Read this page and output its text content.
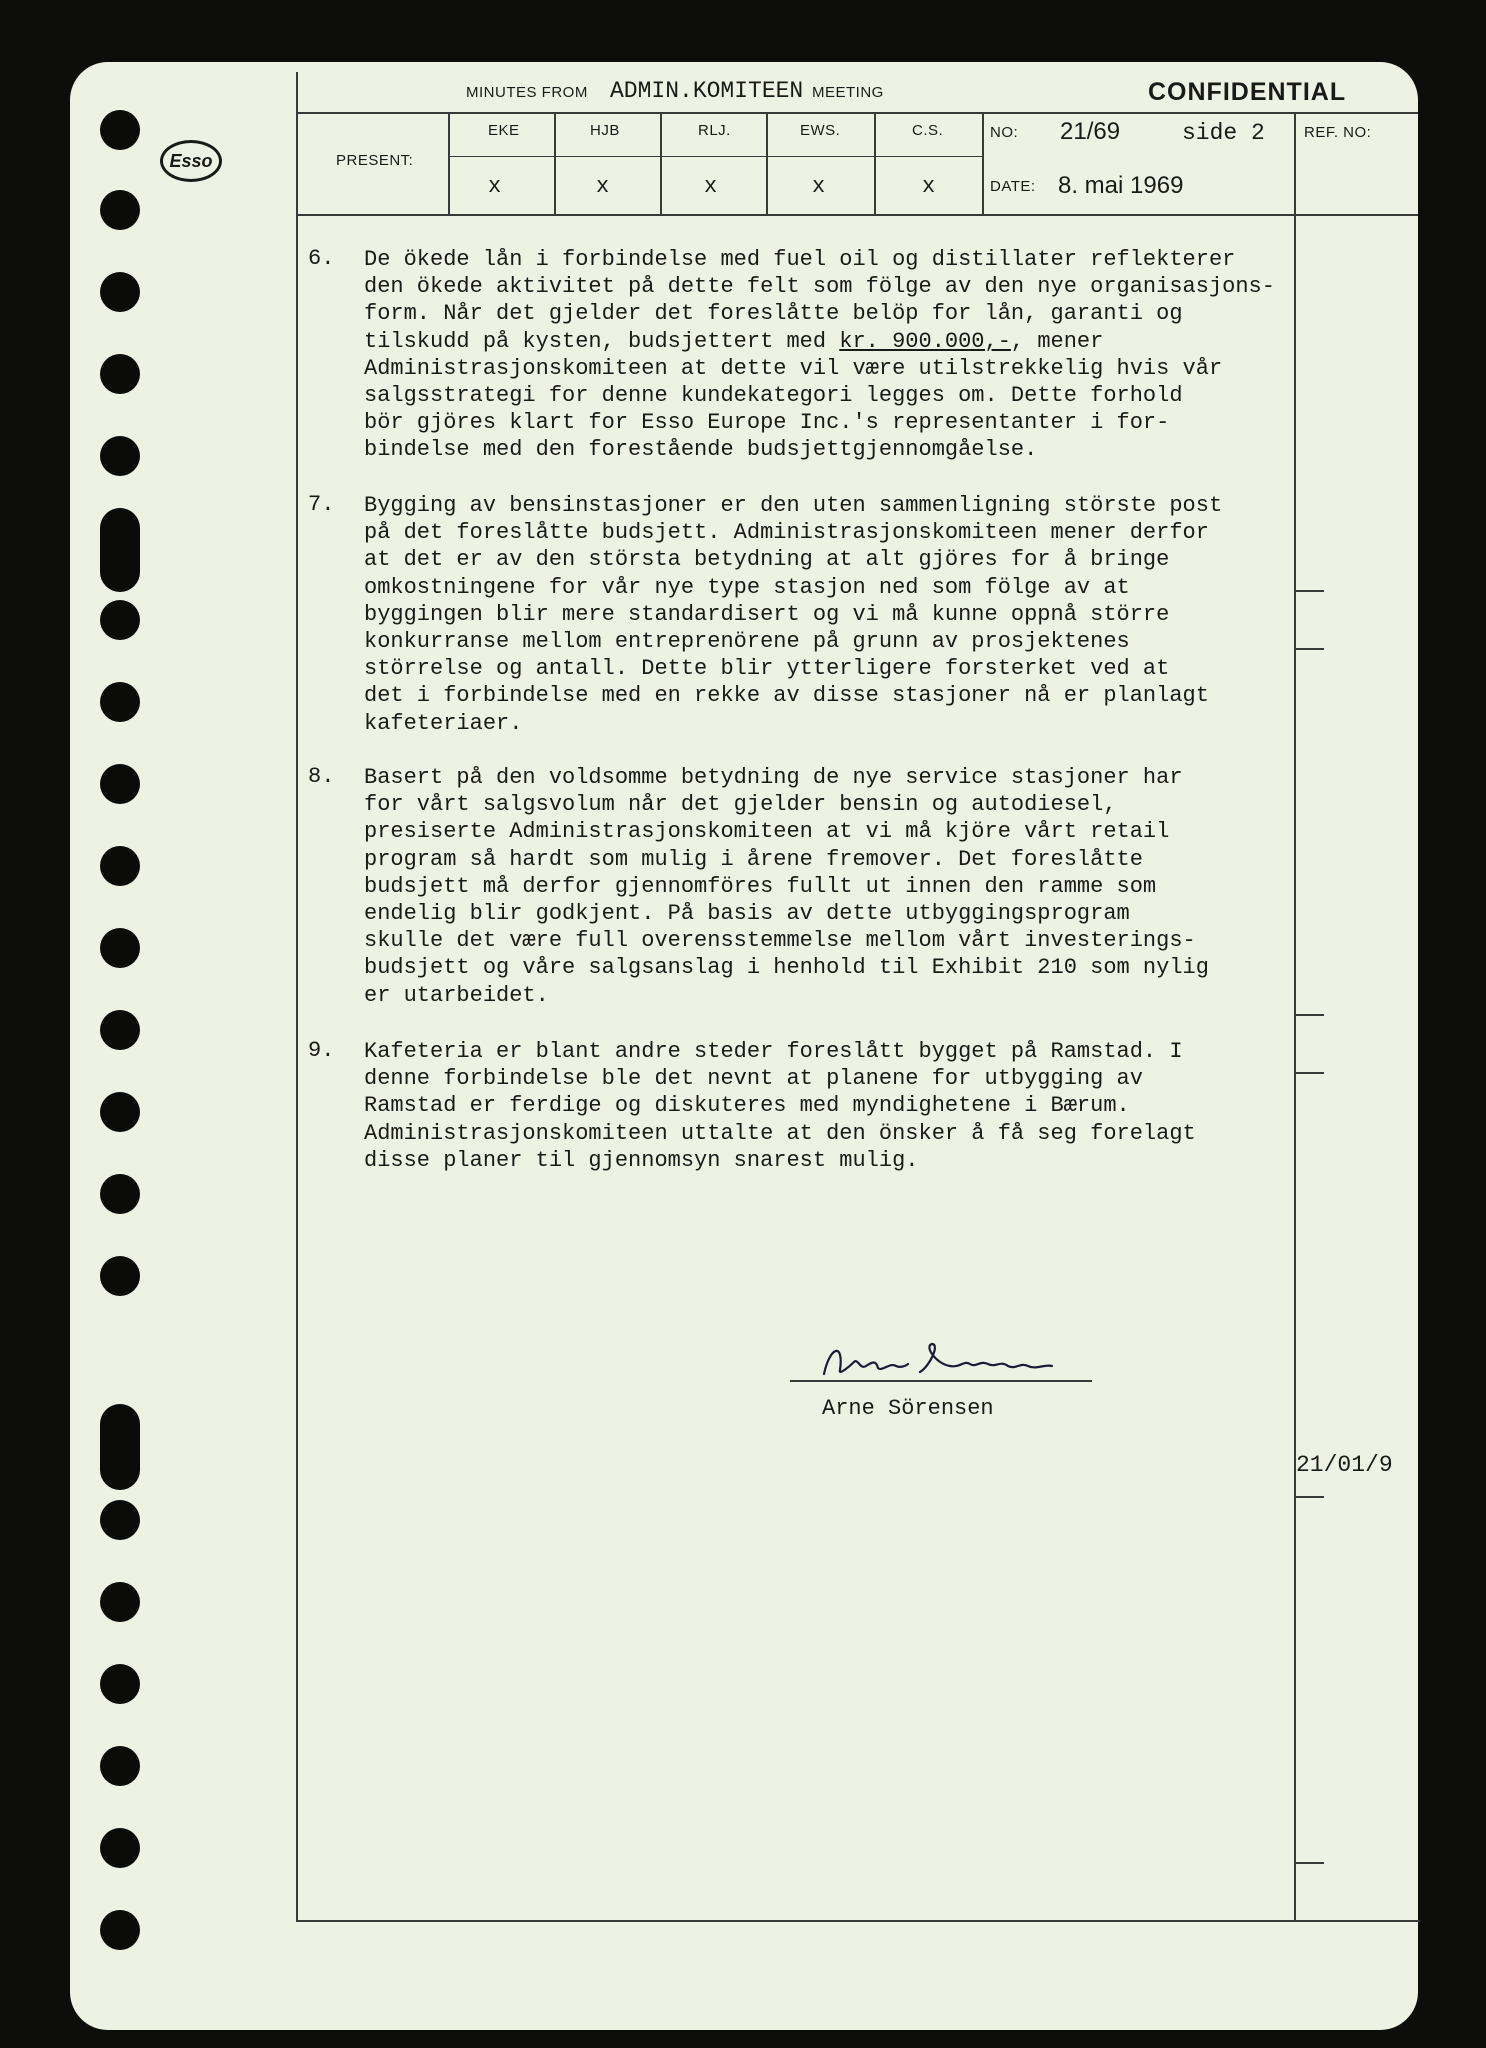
Esso
MINUTES FROM ADMIN.KOMITEEN MEETING	CONFIDENTIAL
PRESENT:
EKE	HJB	RLJ.	EWS.	C.S.
x	x	x	x	x
NO: 21/69	side 2	REF. NO:
DATE: 8. mai 1969
6. De ökede lån i forbindelse med fuel oil og distillater reflekterer
den ökede aktivitet på dette felt som fölge av den nye organisasjons-
form. Når det gjelder det foreslåtte belöp for lån, garanti og
tilskudd på kysten, budsjettert med kr. 900.000,-, mener
Administrasjonskomiteen at dette vil være utilstrekkelig hvis vår
salgsstrategi for denne kundekategori legges om. Dette forhold
bör gjöres klart for Esso Europe Inc.'s representanter i for-
bindelse med den forestående budsjettgjennomgåelse.
7. Bygging av bensinstasjoner er den uten sammenligning störste post
på det foreslåtte budsjett. Administrasjonskomiteen mener derfor
at det er av den största betydning at alt gjöres for å bringe
omkostningene for vår nye type stasjon ned som fölge av at
byggingen blir mere standardisert og vi må kunne oppnå större
konkurranse mellom entreprenörene på grunn av prosjektenes
störrelse og antall. Dette blir ytterligere forsterket ved at
det i forbindelse med en rekke av disse stasjoner nå er planlagt
kafeteriaer.
8. Basert på den voldsomme betydning de nye service stasjoner har
for vårt salgsvolum når det gjelder bensin og autodiesel,
presiserte Administrasjonskomiteen at vi må kjöre vårt retail
program så hardt som mulig i årene fremover. Det foreslåtte
budsjett må derfor gjennomföres fullt ut innen den ramme som
endelig blir godkjent. På basis av dette utbyggingsprogram
skulle det være full overensstemmelse mellom vårt investerings-
budsjett og våre salgsanslag i henhold til Exhibit 210 som nylig
er utarbeidet.
9. Kafeteria er blant andre steder foreslått bygget på Ramstad. I
denne forbindelse ble det nevnt at planene for utbygging av
Ramstad er ferdige og diskuteres med myndighetene i Bærum.
Administrasjonskomiteen uttalte at den önsker å få seg forelagt
disse planer til gjennomsyn snarest mulig.
Arne Sörensen
21/01/9
